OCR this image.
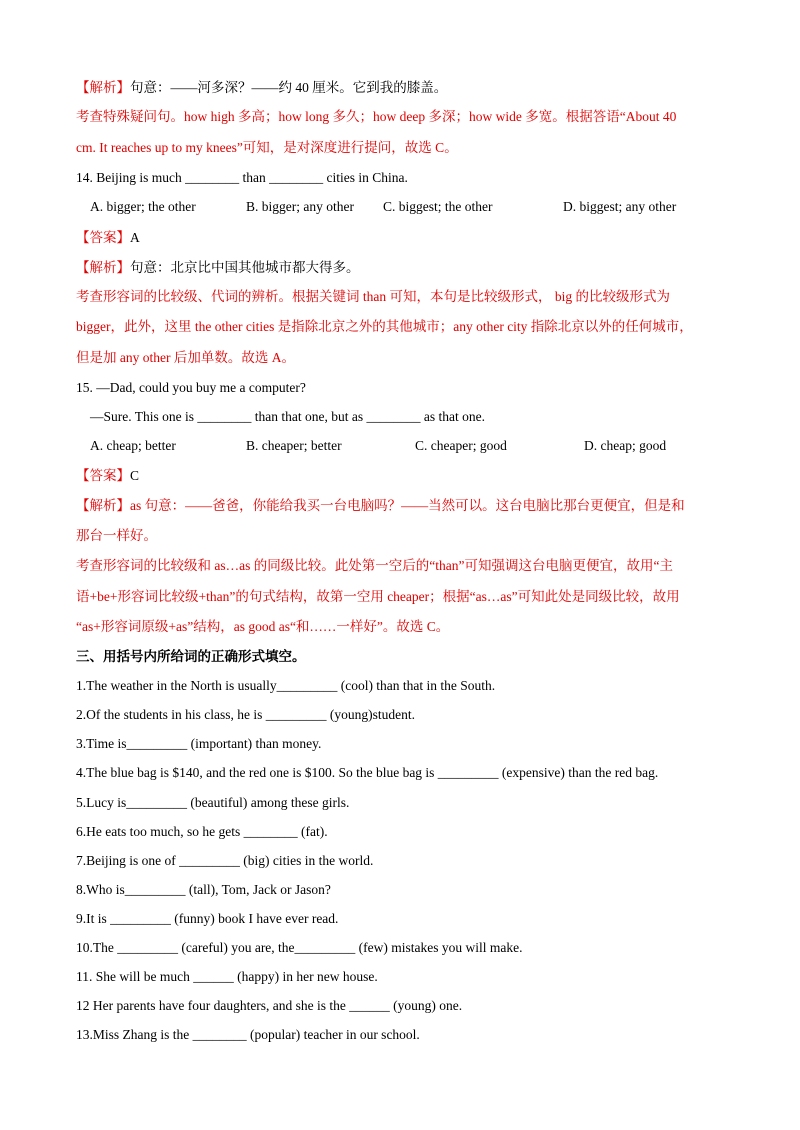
【解析】句意：——河多深？——约 40 厘米。它到我的膝盖。
考查特殊疑问句。how high 多高；how long 多久；how deep 多深；how wide 多宽。根据答语“About 40
cm. It reaches up to my knees”可知，是对深度进行提问，故选 C。
14. Beijing is much ________ than ________ cities in China.
A. bigger; the other	B. bigger; any other C. biggest; the other	D. biggest; any other
【答案】A
【解析】句意：北京比中国其他城市都大得多。
考查形容词的比较级、代词的辨析。根据关键词 than 可知，本句是比较级形式， big 的比较级形式为
bigger，此外，这里 the other cities 是指除北京之外的其他城市；any other city 指除北京以外的任何城市，
但是加 any other 后加单数。故选 A。
15. —Dad, could you buy me a computer?
—Sure. This one is ________ than that one, but as ________ as that one.
A. cheap; better	B. cheaper; better	C. cheaper; good	D. cheap; good
【答案】C
【解析】as 句意：——爸爸，你能给我买一台电脑吗？——当然可以。这台电脑比那台更便宜，但是和
那台一样好。
考查形容词的比较级和 as…as 的同级比较。此处第一空后的“than”可知强调这台电脑更便宜，故用“主
语+be+形容词比较级+than”的句式结构，故第一空用 cheaper；根据“as…as”可知此处是同级比较，故用
“as+形容词原级+as”结构，as good as“和……一样好”。故选 C。
三、用括号内所给词的正确形式填空。
1.The weather in the North is usually_________ (cool) than that in the South.
2.Of the students in his class, he is _________ (young)student.
3.Time is_________ (important) than money.
4.The blue bag is $140, and the red one is $100. So the blue bag is _________ (expensive) than the red bag.
5.Lucy is_________ (beautiful) among these girls.
6.He eats too much, so he gets ________ (fat).
7.Beijing is one of _________ (big) cities in the world.
8.Who is_________ (tall), Tom, Jack or Jason?
9.It is _________ (funny) book I have ever read.
10.The _________ (careful) you are, the_________ (few) mistakes you will make.
11. She will be much ______ (happy) in her new house.
12 Her parents have four daughters, and she is the ______ (young) one.
13.Miss Zhang is the ________ (popular) teacher in our school.
